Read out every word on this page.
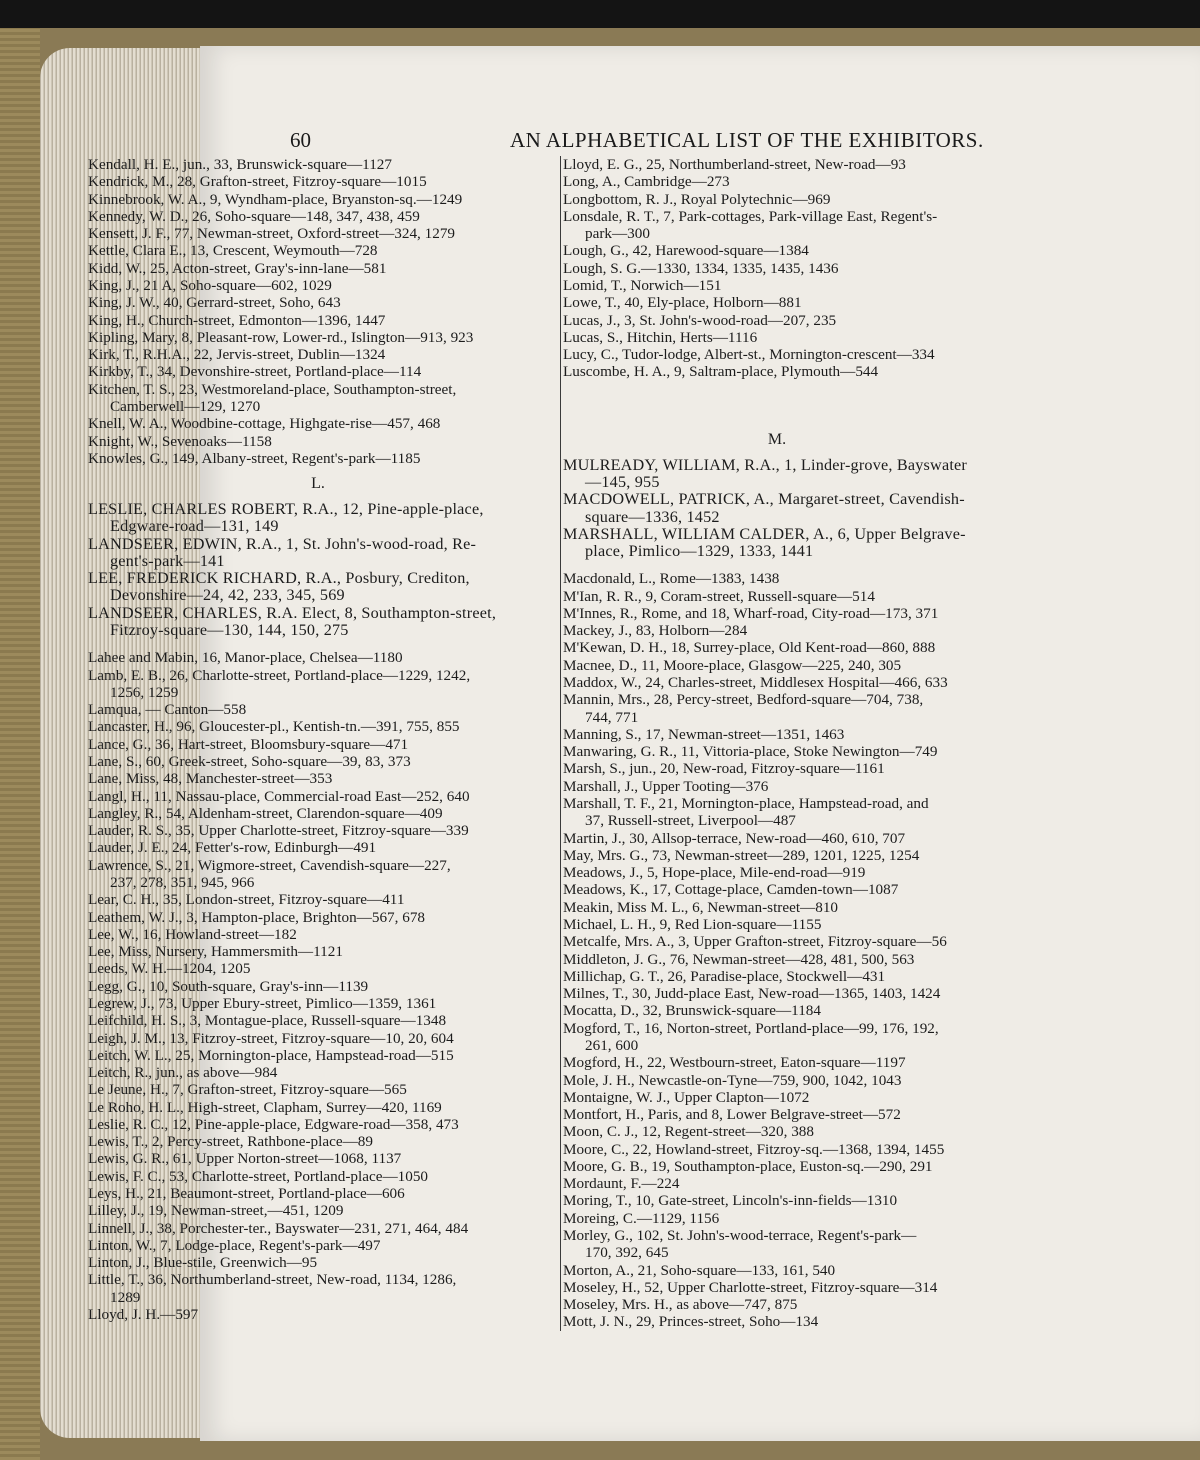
60	AN ALPHABETICAL LIST OF THE EXHIBITORS.
Kendall, H. E., jun., 33, Brunswick-square—1127
Kendrick, M., 28, Grafton-street, Fitzroy-square—1015
Kinnebrook, W. A., 9, Wyndham-place, Bryanston-sq.—1249
Kennedy, W. D., 26, Soho-square—148, 347, 438, 459
Kensett, J. F., 77, Newman-street, Oxford-street—324, 1279
Kettle, Clara E., 13, Crescent, Weymouth—728
Kidd, W., 25, Acton-street, Gray's-inn-lane—581
King, J., 21 A, Soho-square—602, 1029
King, J. W., 40, Gerrard-street, Soho, 643
King, H., Church-street, Edmonton—1396, 1447
Kipling, Mary, 8, Pleasant-row, Lower-rd., Islington—913, 923
Kirk, T., R.H.A., 22, Jervis-street, Dublin—1324
Kirkby, T., 34, Devonshire-street, Portland-place—114
Kitchen, T. S., 23, Westmoreland-place, Southampton-street,
Camberwell—129, 1270
Knell, W. A., Woodbine-cottage, Highgate-rise—457, 468
Knight, W., Sevenoaks—1158
Knowles, G., 149, Albany-street, Regent's-park—1185
L.
LESLIE, CHARLES ROBERT, R.A., 12, Pine-apple-place,
Edgware-road—131, 149
LANDSEER, EDWIN, R.A., 1, St. John's-wood-road, Re-
gent's-park—141
LEE, FREDERICK RICHARD, R.A., Posbury, Crediton,
Devonshire—24, 42, 233, 345, 569
LANDSEER, CHARLES, R.A. Elect, 8, Southampton-street,
Fitzroy-square—130, 144, 150, 275
Lahee and Mabin, 16, Manor-place, Chelsea—1180
Lamb, E. B., 26, Charlotte-street, Portland-place—1229, 1242,
1256, 1259
Lamqua, — Canton—558
Lancaster, H., 96, Gloucester-pl., Kentish-tn.—391, 755, 855
Lance, G., 36, Hart-street, Bloomsbury-square—471
Lane, S., 60, Greek-street, Soho-square—39, 83, 373
Lane, Miss, 48, Manchester-street—353
Langl, H., 11, Nassau-place, Commercial-road East—252, 640
Langley, R., 54, Aldenham-street, Clarendon-square—409
Lauder, R. S., 35, Upper Charlotte-street, Fitzroy-square—339
Lauder, J. E., 24, Fetter's-row, Edinburgh—491
Lawrence, S., 21, Wigmore-street, Cavendish-square—227,
237, 278, 351, 945, 966
Lear, C. H., 35, London-street, Fitzroy-square—411
Leathem, W. J., 3, Hampton-place, Brighton—567, 678
Lee, W., 16, Howland-street—182
Lee, Miss, Nursery, Hammersmith—1121
Leeds, W. H.—1204, 1205
Legg, G., 10, South-square, Gray's-inn—1139
Legrew, J., 73, Upper Ebury-street, Pimlico—1359, 1361
Leifchild, H. S., 3, Montague-place, Russell-square—1348
Leigh, J. M., 13, Fitzroy-street, Fitzroy-square—10, 20, 604
Leitch, W. L., 25, Mornington-place, Hampstead-road—515
Leitch, R., jun., as above—984
Le Jeune, H., 7, Grafton-street, Fitzroy-square—565
Le Roho, H. L., High-street, Clapham, Surrey—420, 1169
Leslie, R. C., 12, Pine-apple-place, Edgware-road—358, 473
Lewis, T., 2, Percy-street, Rathbone-place—89
Lewis, G. R., 61, Upper Norton-street—1068, 1137
Lewis, F. C., 53, Charlotte-street, Portland-place—1050
Leys, H., 21, Beaumont-street, Portland-place—606
Lilley, J., 19, Newman-street,—451, 1209
Linnell, J., 38, Porchester-ter., Bayswater—231, 271, 464, 484
Linton, W., 7, Lodge-place, Regent's-park—497
Linton, J., Blue-stile, Greenwich—95
Little, T., 36, Northumberland-street, New-road, 1134, 1286,
1289
Lloyd, J. H.—597
Lloyd, E. G., 25, Northumberland-street, New-road—93
Long, A., Cambridge—273
Longbottom, R. J., Royal Polytechnic—969
Lonsdale, R. T., 7, Park-cottages, Park-village East, Regent's-
park—300
Lough, G., 42, Harewood-square—1384
Lough, S. G.—1330, 1334, 1335, 1435, 1436
Lomid, T., Norwich—151
Lowe, T., 40, Ely-place, Holborn—881
Lucas, J., 3, St. John's-wood-road—207, 235
Lucas, S., Hitchin, Herts—1116
Lucy, C., Tudor-lodge, Albert-st., Mornington-crescent—334
Luscombe, H. A., 9, Saltram-place, Plymouth—544
M.
MULREADY, WILLIAM, R.A., 1, Linder-grove, Bayswater
—145, 955
MACDOWELL, PATRICK, A., Margaret-street, Cavendish-
square—1336, 1452
MARSHALL, WILLIAM CALDER, A., 6, Upper Belgrave-
place, Pimlico—1329, 1333, 1441
Macdonald, L., Rome—1383, 1438
M'Ian, R. R., 9, Coram-street, Russell-square—514
M'Innes, R., Rome, and 18, Wharf-road, City-road—173, 371
Mackey, J., 83, Holborn—284
M'Kewan, D. H., 18, Surrey-place, Old Kent-road—860, 888
Macnee, D., 11, Moore-place, Glasgow—225, 240, 305
Maddox, W., 24, Charles-street, Middlesex Hospital—466, 633
Mannin, Mrs., 28, Percy-street, Bedford-square—704, 738,
744, 771
Manning, S., 17, Newman-street—1351, 1463
Manwaring, G. R., 11, Vittoria-place, Stoke Newington—749
Marsh, S., jun., 20, New-road, Fitzroy-square—1161
Marshall, J., Upper Tooting—376
Marshall, T. F., 21, Mornington-place, Hampstead-road, and
37, Russell-street, Liverpool—487
Martin, J., 30, Allsop-terrace, New-road—460, 610, 707
May, Mrs. G., 73, Newman-street—289, 1201, 1225, 1254
Meadows, J., 5, Hope-place, Mile-end-road—919
Meadows, K., 17, Cottage-place, Camden-town—1087
Meakin, Miss M. L., 6, Newman-street—810
Michael, L. H., 9, Red Lion-square—1155
Metcalfe, Mrs. A., 3, Upper Grafton-street, Fitzroy-square—56
Middleton, J. G., 76, Newman-street—428, 481, 500, 563
Millichap, G. T., 26, Paradise-place, Stockwell—431
Milnes, T., 30, Judd-place East, New-road—1365, 1403, 1424
Mocatta, D., 32, Brunswick-square—1184
Mogford, T., 16, Norton-street, Portland-place—99, 176, 192,
261, 600
Mogford, H., 22, Westbourn-street, Eaton-square—1197
Mole, J. H., Newcastle-on-Tyne—759, 900, 1042, 1043
Montaigne, W. J., Upper Clapton—1072
Montfort, H., Paris, and 8, Lower Belgrave-street—572
Moon, C. J., 12, Regent-street—320, 388
Moore, C., 22, Howland-street, Fitzroy-sq.—1368, 1394, 1455
Moore, G. B., 19, Southampton-place, Euston-sq.—290, 291
Mordaunt, F.—224
Moring, T., 10, Gate-street, Lincoln's-inn-fields—1310
Moreing, C.—1129, 1156
Morley, G., 102, St. John's-wood-terrace, Regent's-park—
170, 392, 645
Morton, A., 21, Soho-square—133, 161, 540
Moseley, H., 52, Upper Charlotte-street, Fitzroy-square—314
Moseley, Mrs. H., as above—747, 875
Mott, J. N., 29, Princes-street, Soho—134
